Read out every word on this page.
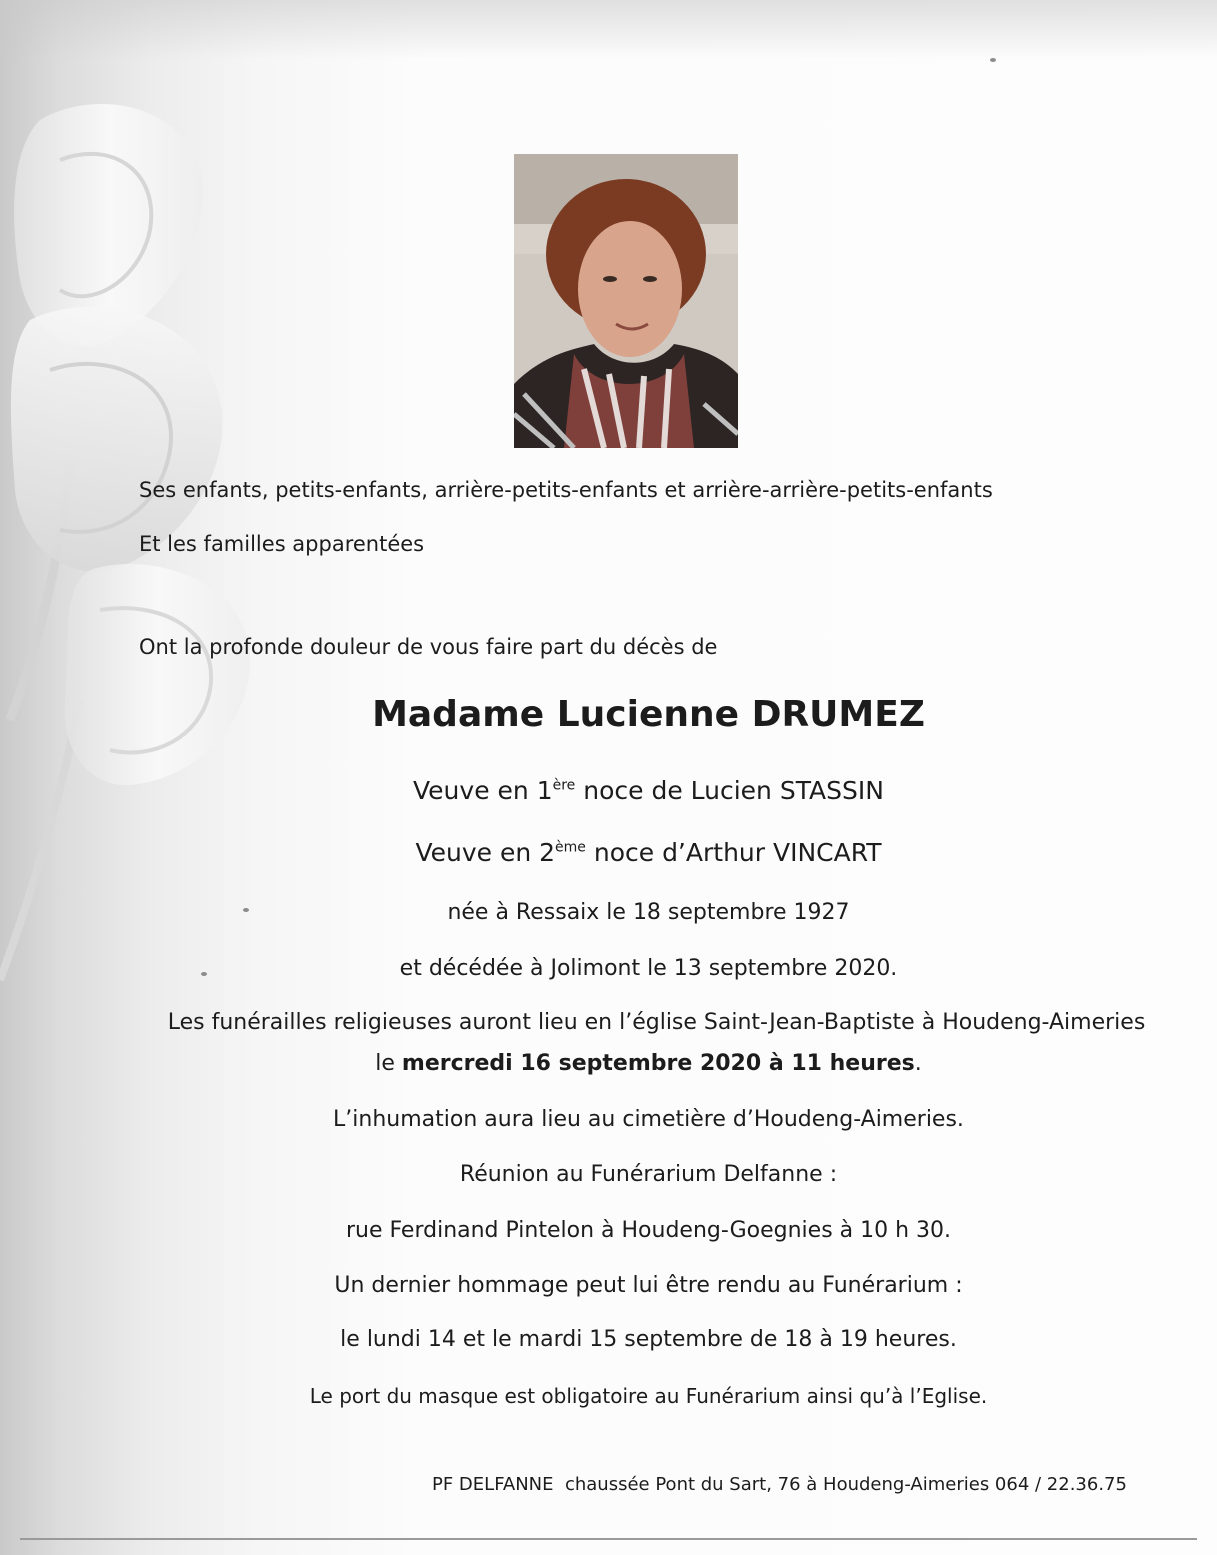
Ses enfants, petits-enfants, arrière-petits-enfants et arrière-arrière-petits-enfants

Et les familles apparentées

Ont la profonde douleur de vous faire part du décès de

Madame Lucienne DRUMEZ

Veuve en 1ère noce de Lucien STASSIN

Veuve en 2ème noce d’Arthur VINCART

née à Ressaix le 18 septembre 1927

et décédée à Jolimont le 13 septembre 2020.

Les funérailles religieuses auront lieu en l’église Saint-Jean-Baptiste à Houdeng-Aimeries

le mercredi 16 septembre 2020 à 11 heures.

L’inhumation aura lieu au cimetière d’Houdeng-Aimeries.

Réunion au Funérarium Delfanne :

rue Ferdinand Pintelon à Houdeng-Goegnies à 10 h 30.

Un dernier hommage peut lui être rendu au Funérarium :

le lundi 14 et le mardi 15 septembre de 18 à 19 heures.

Le port du masque est obligatoire au Funérarium ainsi qu’à l’Eglise.

PF DELFANNE chaussée Pont du Sart, 76 à Houdeng-Aimeries 064 / 22.36.75
